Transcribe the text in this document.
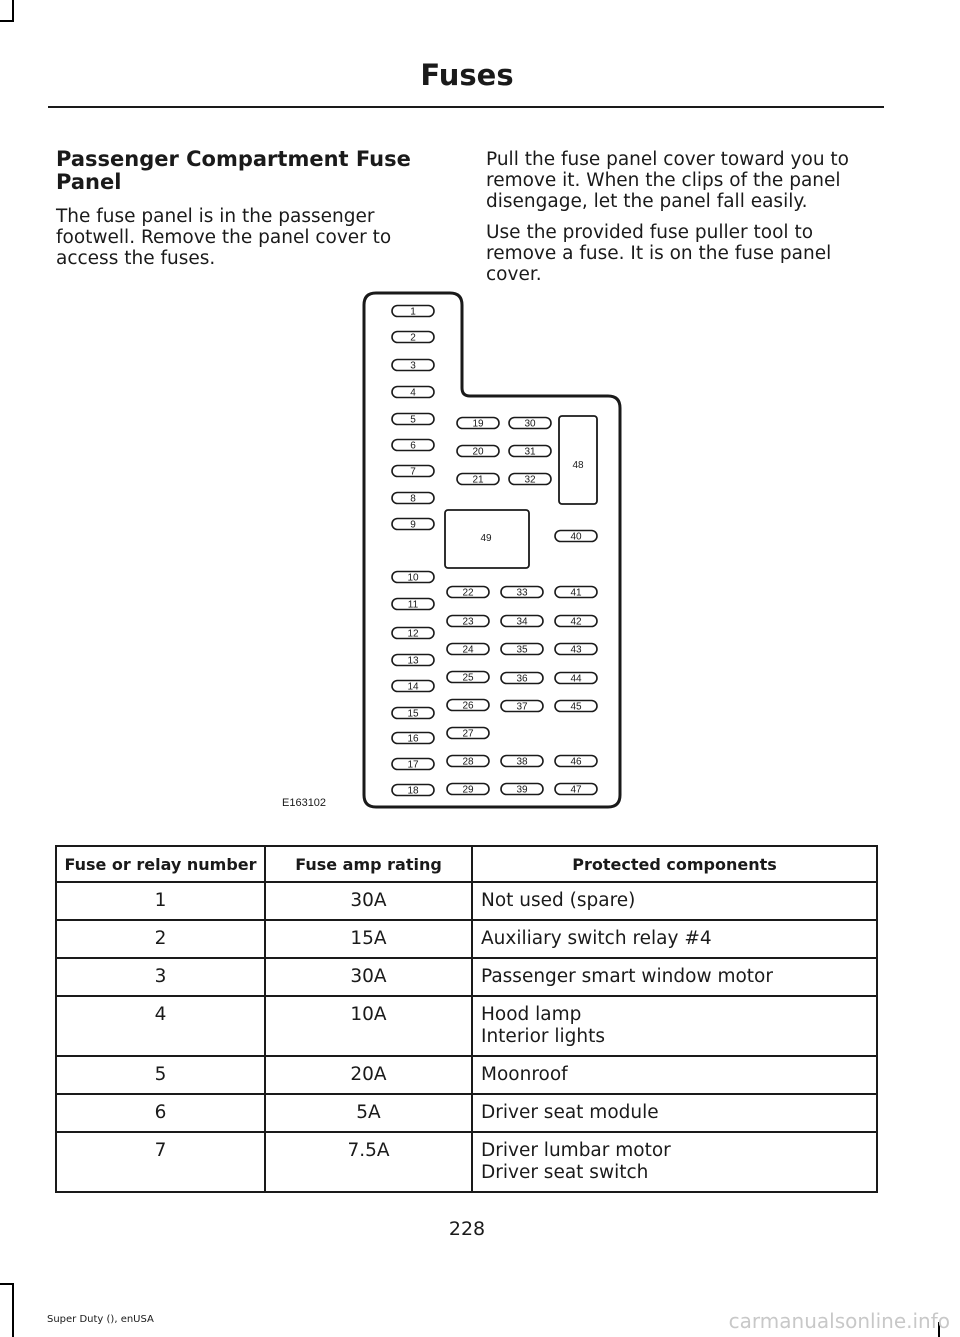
Fuses
Passenger Compartment Fuse Panel

The fuse panel is in the passenger footwell. Remove the panel cover to access the fuses.

Pull the fuse panel cover toward you to remove it. When the clips of the panel disengage, let the panel fall easily.

Use the provided fuse puller tool to remove a fuse. It is on the fuse panel cover.

1
2
3
4
5
6
7
8
9
10
11
12
13
14
15
16
17
18
19
20
21
22
23
24
25
26
27
28
29
30
31
32
33
34
35
36
37
38
39
40
41
42
43
44
45
46
47
48
49
E163102
Fuse or relay number	Fuse amp rating	Protected components
1	30A	Not used (spare)

2	15A	Auxiliary switch relay #4

3	30A	Passenger smart window motor

4	10A	Hood lamp
Interior lights

5	20A	Moonroof

6	5A	Driver seat module

7	7.5A	Driver lumbar motor
Driver seat switch
228
Super Duty (), enUSA	carmanualsonline.info
